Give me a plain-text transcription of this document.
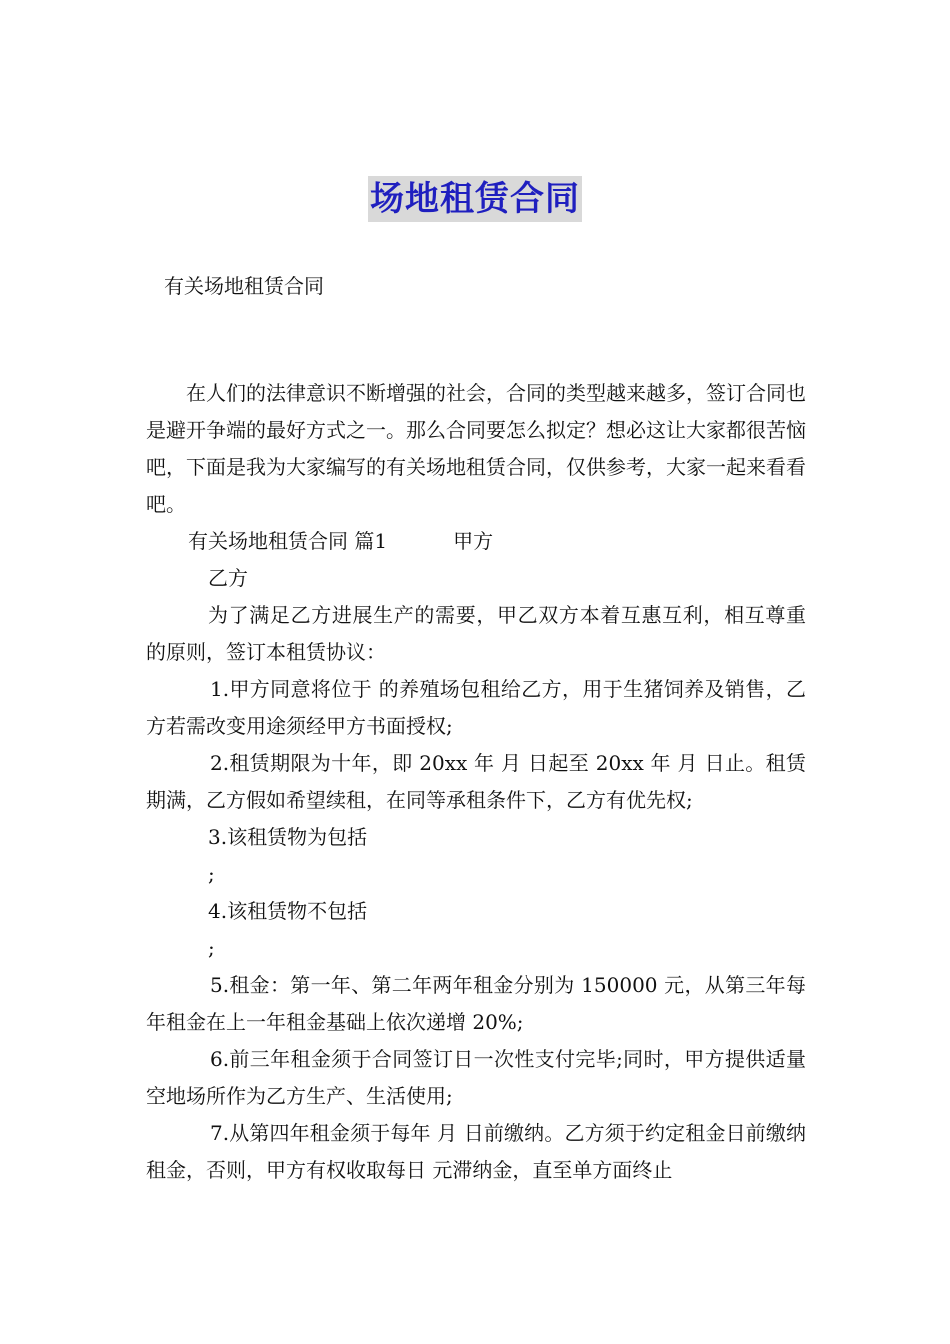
场地租赁合同
有关场地租赁合同

在人们的法律意识不断增强的社会，合同的类型越来越多，签订合同也是避开争端的最好方式之一。那么合同要怎么拟定？想必这让大家都很苦恼吧，下面是我为大家编写的有关场地租赁合同，仅供参考，大家一起来看看吧。

有关场地租赁合同 篇1	甲方

乙方

为了满足乙方进展生产的需要，甲乙双方本着互惠互利，相互尊重的原则，签订本租赁协议：

1.甲方同意将位于 的养殖场包租给乙方，用于生猪饲养及销售，乙方若需改变用途须经甲方书面授权;

2.租赁期限为十年，即 20xx 年 月 日起至 20xx 年 月 日止。租赁期满，乙方假如希望续租，在同等承租条件下，乙方有优先权;

3.该租赁物为包括

;

4.该租赁物不包括

;

5.租金：第一年、第二年两年租金分别为 150000 元，从第三年每年租金在上一年租金基础上依次递增 20%;

6.前三年租金须于合同签订日一次性支付完毕;同时，甲方提供适量空地场所作为乙方生产、生活使用;

7.从第四年租金须于每年 月 日前缴纳。乙方须于约定租金日前缴纳租金，否则，甲方有权收取每日 元滞纳金，直至单方面终止
